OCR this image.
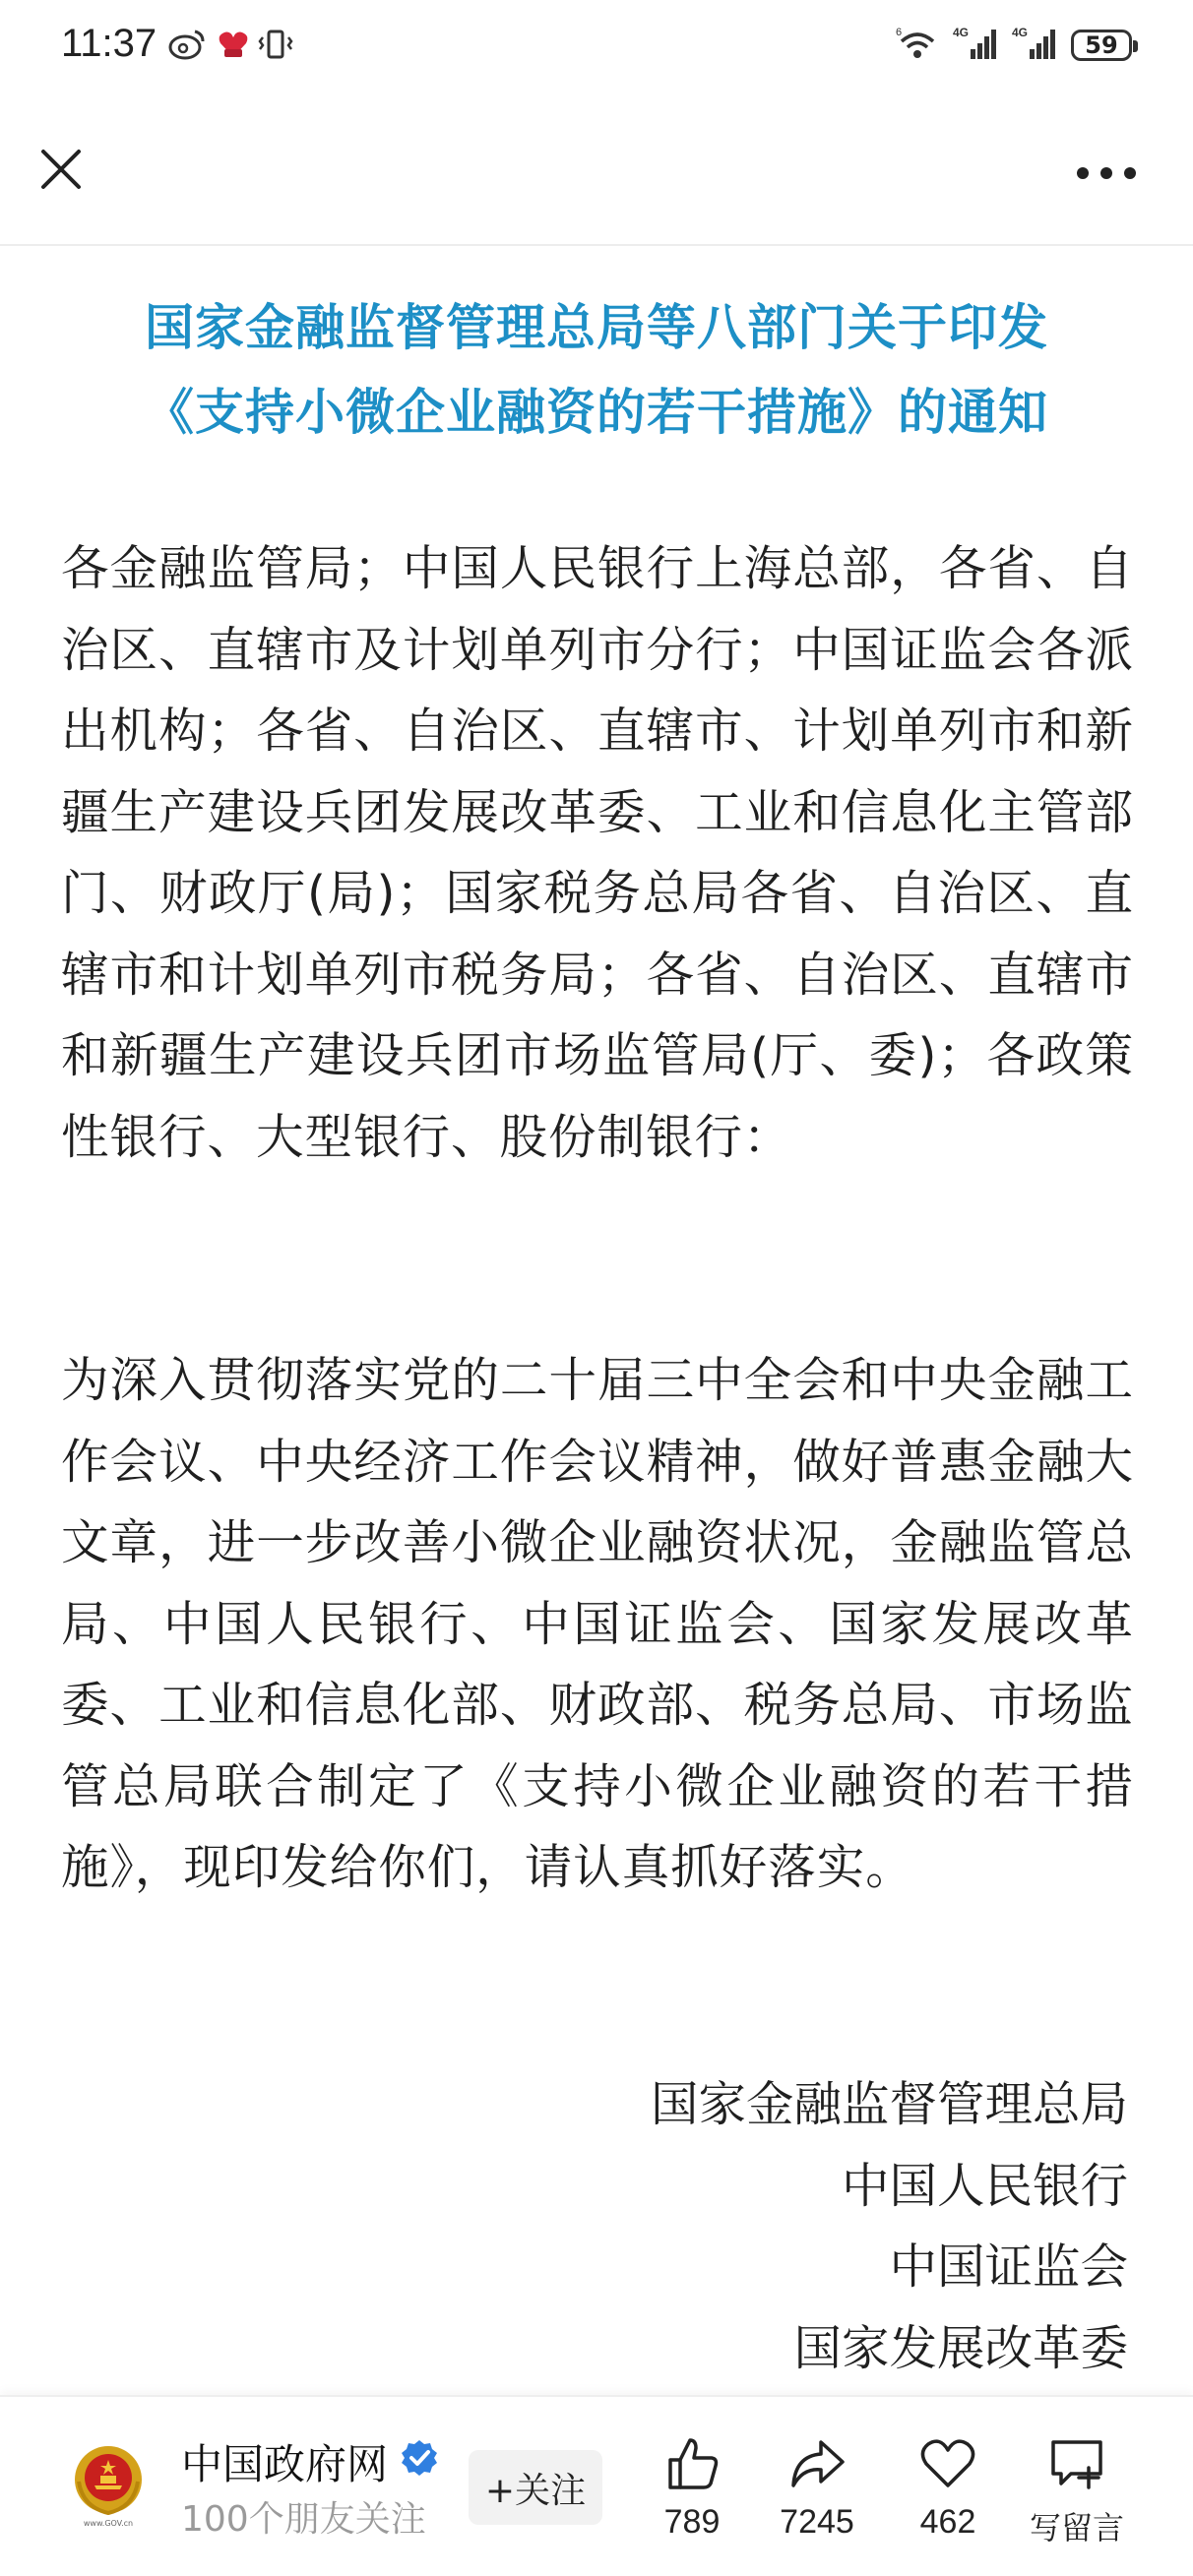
11:37	6	4G	4G	59
国家金融监督管理总局等八部门关于印发
《支持小微企业融资的若干措施》的通知
各金融监管局；中国人民银行上海总部，各省、自治区、直辖市及计划单列市分行；中国证监会各派出机构；各省、自治区、直辖市、计划单列市和新疆生产建设兵团发展改革委、工业和信息化主管部门、财政厅(局)；国家税务总局各省、自治区、直辖市和计划单列市税务局；各省、自治区、直辖市和新疆生产建设兵团市场监管局(厅、委)；各政策性银行、大型银行、股份制银行：
为深入贯彻落实党的二十届三中全会和中央金融工作会议、中央经济工作会议精神，做好普惠金融大文章，进一步改善小微企业融资状况，金融监管总局、中国人民银行、中国证监会、国家发展改革委、工业和信息化部、财政部、税务总局、市场监管总局联合制定了《支持小微企业融资的若干措施》，现印发给你们，请认真抓好落实。
国家金融监督管理总局
中国人民银行
中国证监会
国家发展改革委
www.GOV.cn
中国政府网
100个朋友关注
+关注
789	7245	462	写留言
